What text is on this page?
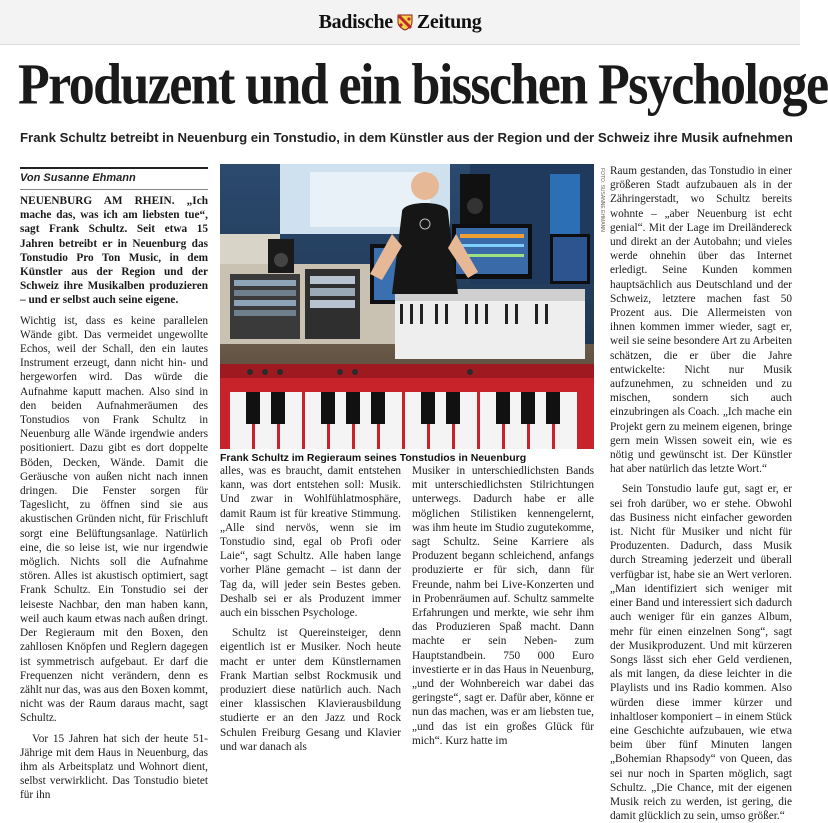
Badische Zeitung
Produzent und ein bisschen Psychologe
Frank Schultz betreibt in Neuenburg ein Tonstudio, in dem Künstler aus der Region und der Schweiz ihre Musik aufnehmen
Von Susanne Ehmann

NEUENBURG AM RHEIN. „Ich mache das, was ich am liebsten tue“, sagt Frank Schultz. Seit etwa 15 Jahren betreibt er in Neuenburg das Tonstudio Pro Ton Music, in dem Künstler aus der Region und der Schweiz ihre Musikalben produzieren – und er selbst auch seine eigene.

Wichtig ist, dass es keine parallelen Wände gibt. Das vermeidet ungewollte Echos, weil der Schall, den ein lautes Instrument erzeugt, dann nicht hin- und hergeworfen wird. Das würde die Aufnahme kaputt machen. Also sind in den beiden Aufnahmeräumen des Tonstudios von Frank Schultz in Neuenburg alle Wände irgendwie anders positioniert. Dazu gibt es dort doppelte Böden, Decken, Wände. Damit die Geräusche von außen nicht nach innen dringen. Die Fenster sorgen für Tageslicht, zu öffnen sind sie aus akustischen Gründen nicht, für Frischluft sorgt eine Belüftungsanlage. Natürlich eine, die so leise ist, wie nur irgendwie möglich. Nichts soll die Aufnahme stören. Alles ist akustisch optimiert, sagt Frank Schultz. Ein Tonstudio sei der leiseste Nachbar, den man haben kann, weil auch kaum etwas nach außen dringt. Der Regieraum mit den Boxen, den zahllosen Knöpfen und Reglern dagegen ist symmetrisch aufgebaut. Er darf die Frequenzen nicht verändern, denn es zählt nur das, was aus den Boxen kommt, nicht was der Raum daraus macht, sagt Schultz.

Vor 15 Jahren hat sich der heute 51-Jährige mit dem Haus in Neuenburg, das ihm als Arbeitsplatz und Wohnort dient, selbst verwirklicht. Das Tonstudio bietet für ihn

FOTO: SUSANNE EHMANN
Frank Schultz im Regieraum seines Tonstudios in Neuenburg

alles, was es braucht, damit entstehen kann, was dort entstehen soll: Musik. Und zwar in Wohlfühlatmosphäre, damit Raum ist für kreative Stimmung. „Alle sind nervös, wenn sie im Tonstudio sind, egal ob Profi oder Laie“, sagt Schultz. Alle haben lange vorher Pläne gemacht – ist dann der Tag da, will jeder sein Bestes geben. Deshalb sei er als Produzent immer auch ein bisschen Psychologe.

Schultz ist Quereinsteiger, denn eigentlich ist er Musiker. Noch heute macht er unter dem Künstlernamen Frank Martian selbst Rockmusik und produziert diese natürlich auch. Nach einer klassischen Klavierausbildung studierte er an den Jazz und Rock Schulen Freiburg Gesang und Klavier und war danach als

Musiker in unterschiedlichsten Bands mit unterschiedlichsten Stilrichtungen unterwegs. Dadurch habe er alle möglichen Stilistiken kennengelernt, was ihm heute im Studio zugutekomme, sagt Schultz. Seine Karriere als Produzent begann schleichend, anfangs produzierte er für sich, dann für Freunde, nahm bei Live-Konzerten und in Probenräumen auf. Schultz sammelte Erfahrungen und merkte, wie sehr ihm das Produzieren Spaß macht. Dann machte er sein Neben- zum Hauptstandbein. 750 000 Euro investierte er in das Haus in Neuenburg, „und der Wohnbereich war dabei das geringste“, sagt er. Dafür aber, könne er nun das machen, was er am liebsten tue, „und das ist ein großes Glück für mich“. Kurz hatte im

Raum gestanden, das Tonstudio in einer größeren Stadt aufzubauen als in der Zähringerstadt, wo Schultz bereits wohnte – „aber Neuenburg ist echt genial“. Mit der Lage im Dreiländereck und direkt an der Autobahn; und vieles werde ohnehin über das Internet erledigt. Seine Kunden kommen hauptsächlich aus Deutschland und der Schweiz, letztere machen fast 50 Prozent aus. Die Allermeisten von ihnen kommen immer wieder, sagt er, weil sie seine besondere Art zu Arbeiten schätzen, die er über die Jahre entwickelte: Nicht nur Musik aufzunehmen, zu schneiden und zu mischen, sondern sich auch einzubringen als Coach. „Ich mache ein Projekt gern zu meinem eigenen, bringe gern mein Wissen soweit ein, wie es nötig und gewünscht ist. Der Künstler hat aber natürlich das letzte Wort.“

Sein Tonstudio laufe gut, sagt er, er sei froh darüber, wo er stehe. Obwohl das Business nicht einfacher geworden ist. Nicht für Musiker und nicht für Produzenten. Dadurch, dass Musik durch Streaming jederzeit und überall verfügbar ist, habe sie an Wert verloren. „Man identifiziert sich weniger mit einer Band und interessiert sich dadurch auch weniger für ein ganzes Album, mehr für einen einzelnen Song“, sagt der Musikproduzent. Und mit kürzeren Songs lässt sich eher Geld verdienen, als mit langen, da diese leichter in die Playlists und ins Radio kommen. Also würden diese immer kürzer und inhaltloser komponiert – in einem Stück eine Geschichte aufzubauen, wie etwa beim über fünf Minuten langen „Bohemian Rhapsody“ von Queen, das sei nur noch in Sparten möglich, sagt Schultz. „Die Chance, mit der eigenen Musik reich zu werden, ist gering, die damit glücklich zu sein, umso größer.“
